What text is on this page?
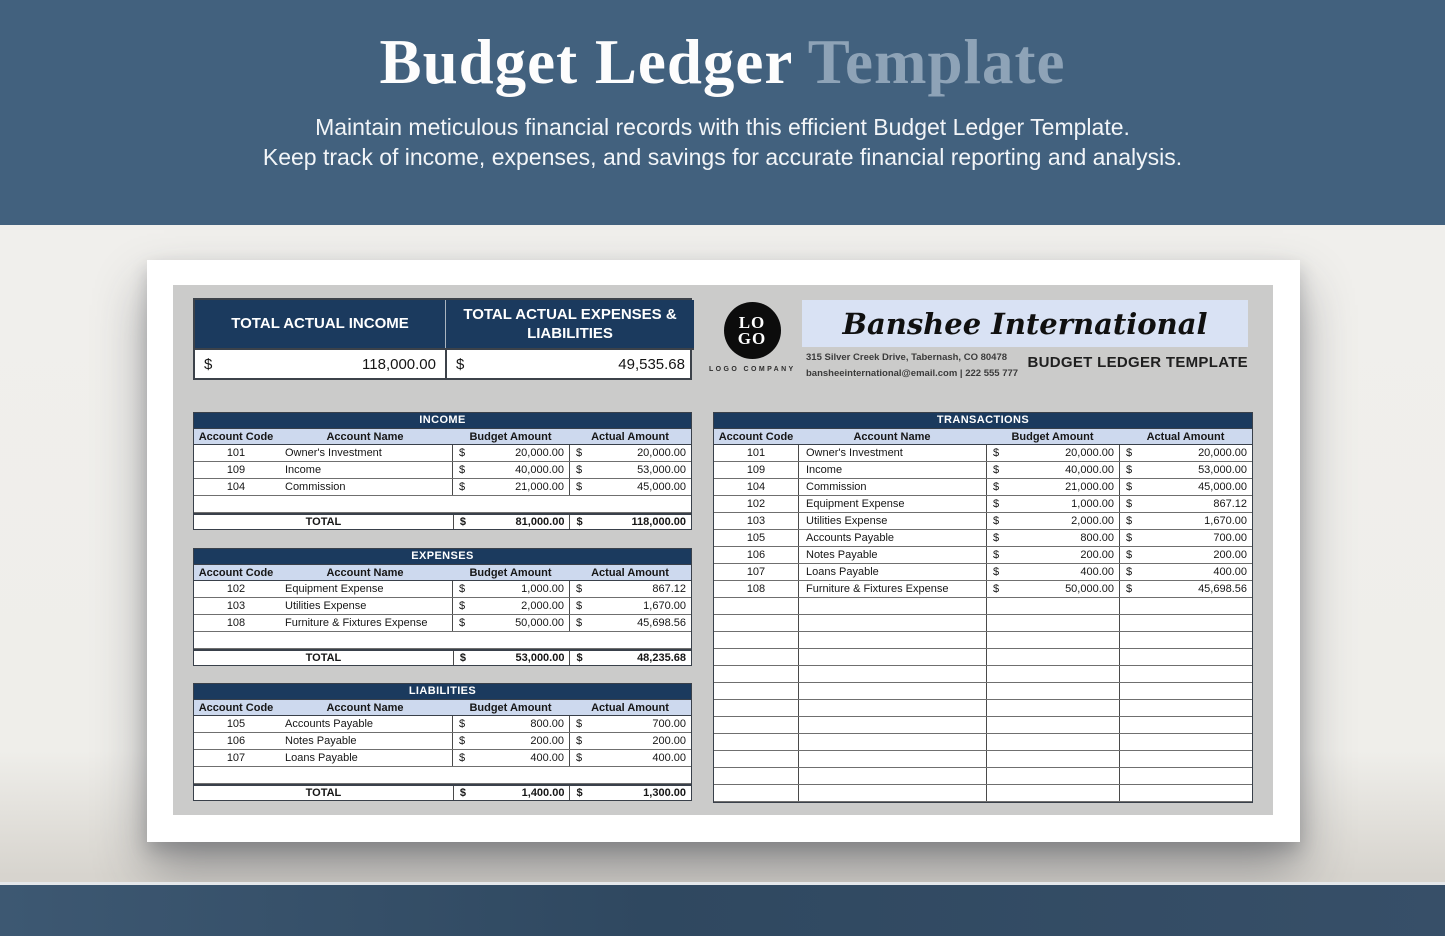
Budget Ledger Template
Maintain meticulous financial records with this efficient Budget Ledger Template.
Keep track of income, expenses, and savings for accurate financial reporting and analysis.
TOTAL ACTUAL INCOME
TOTAL ACTUAL EXPENSES & LIABILITIES
$	118,000.00 $	49,535.68
LO
GO
LOGO COMPANY
Banshee International
315 Silver Creek Drive, Tabernash, CO 80478
bansheeinternational@email.com | 222 555 777
BUDGET LEDGER TEMPLATE
INCOME
Account Code	Account Name	Budget Amount	Actual Amount
101	Owner's Investment	$	20,000.00 $	20,000.00
109	Income	$	40,000.00 $	53,000.00
104	Commission	$	21,000.00 $	45,000.00
TOTAL	$	81,000.00 $	118,000.00
EXPENSES
Account Code	Account Name	Budget Amount	Actual Amount
102	Equipment Expense	$	1,000.00 $	867.12
103	Utilities Expense	$	2,000.00 $	1,670.00
108	Furniture & Fixtures Expense	$	50,000.00 $	45,698.56
TOTAL	$	53,000.00 $	48,235.68
LIABILITIES
Account Code	Account Name	Budget Amount	Actual Amount
105	Accounts Payable	$	800.00 $	700.00
106	Notes Payable	$	200.00 $	200.00
107	Loans Payable	$	400.00 $	400.00
TOTAL	$	1,400.00 $	1,300.00
TRANSACTIONS
Account Code	Account Name	Budget Amount	Actual Amount
101	Owner's Investment	$	20,000.00 $	20,000.00
109	Income	$	40,000.00 $	53,000.00
104	Commission	$	21,000.00 $	45,000.00
102	Equipment Expense	$	1,000.00 $	867.12
103	Utilities Expense	$	2,000.00 $	1,670.00
105	Accounts Payable	$	800.00 $	700.00
106	Notes Payable	$	200.00 $	200.00
107	Loans Payable	$	400.00 $	400.00
108	Furniture & Fixtures Expense	$	50,000.00 $	45,698.56
